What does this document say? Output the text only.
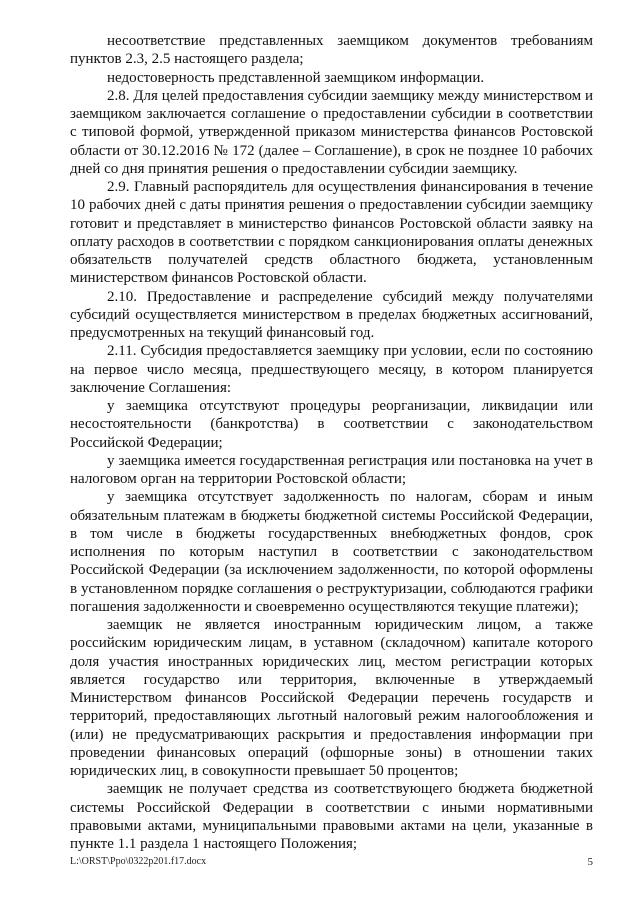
несоответствие представленных заемщиком документов требованиям пунктов 2.3, 2.5 настоящего раздела;

недостоверность представленной заемщиком информации.

2.8. Для целей предоставления субсидии заемщику между министерством и заемщиком заключается соглашение о предоставлении субсидии в соответствии с типовой формой, утвержденной приказом министерства финансов Ростовской области от 30.12.2016 № 172 (далее – Соглашение), в срок не позднее 10 рабочих дней со дня принятия решения о предоставлении субсидии заемщику.

2.9. Главный распорядитель для осуществления финансирования в течение 10 рабочих дней с даты принятия решения о предоставлении субсидии заемщику готовит и представляет в министерство финансов Ростовской области заявку на оплату расходов в соответствии с порядком санкционирования оплаты денежных обязательств получателей средств областного бюджета, установленным министерством финансов Ростовской области.

2.10. Предоставление и распределение субсидий между получателями субсидий осуществляется министерством в пределах бюджетных ассигнований, предусмотренных на текущий финансовый год.

2.11. Субсидия предоставляется заемщику при условии, если по состоянию на первое число месяца, предшествующего месяцу, в котором планируется заключение Соглашения:

у заемщика отсутствуют процедуры реорганизации, ликвидации или несостоятельности (банкротства) в соответствии с законодательством Российской Федерации;

у заемщика имеется государственная регистрация или постановка на учет в налоговом орган на территории Ростовской области;

у заемщика отсутствует задолженность по налогам, сборам и иным обязательным платежам в бюджеты бюджетной системы Российской Федерации, в том числе в бюджеты государственных внебюджетных фондов, срок исполнения по которым наступил в соответствии с законодательством Российской Федерации (за исключением задолженности, по которой оформлены в установленном порядке соглашения о реструктуризации, соблюдаются графики погашения задолженности и своевременно осуществляются текущие платежи);

заемщик не является иностранным юридическим лицом, а также российским юридическим лицам, в уставном (складочном) капитале которого доля участия иностранных юридических лиц, местом регистрации которых является государство или территория, включенные в утверждаемый Министерством финансов Российской Федерации перечень государств и территорий, предоставляющих льготный налоговый режим налогообложения и (или) не предусматривающих раскрытия и предоставления информации при проведении финансовых операций (офшорные зоны) в отношении таких юридических лиц, в совокупности превышает 50 процентов;

заемщик не получает средства из соответствующего бюджета бюджетной системы Российской Федерации в соответствии с иными нормативными правовыми актами, муниципальными правовыми актами на цели, указанные в пункте 1.1 раздела 1 настоящего Положения;

L:\ORST\Ppo\0322p201.f17.docx	5
